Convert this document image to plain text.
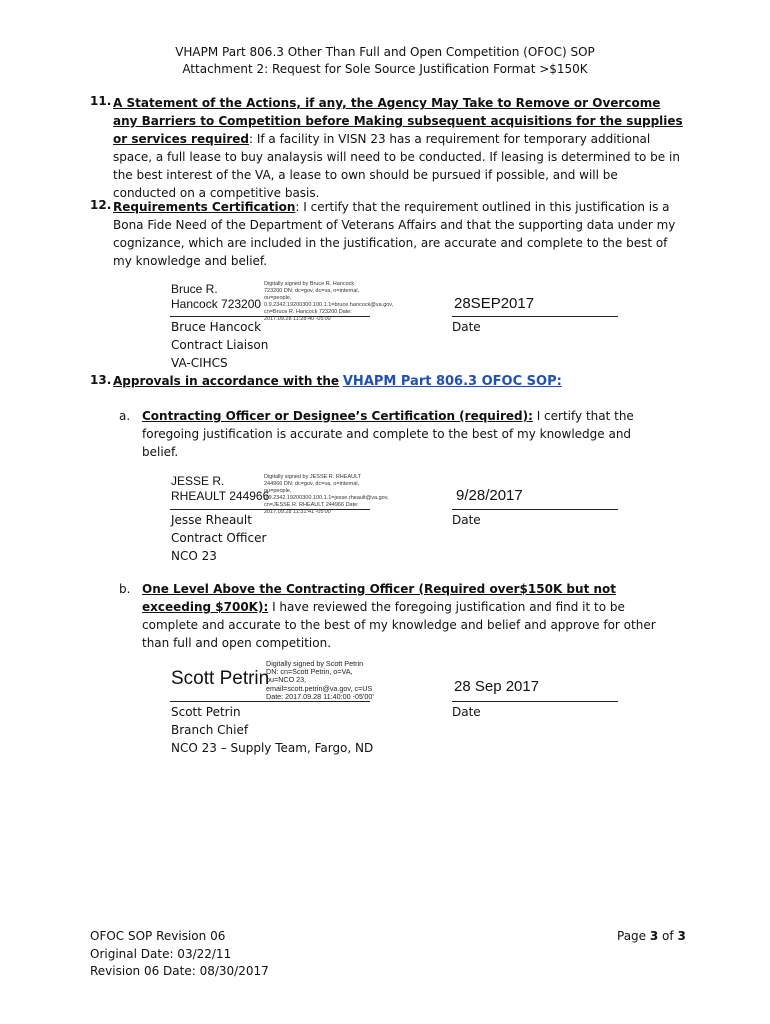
VHAPM Part 806.3 Other Than Full and Open Competition (OFOC) SOP
Attachment 2: Request for Sole Source Justification Format >$150K
11. A Statement of the Actions, if any, the Agency May Take to Remove or Overcome any Barriers to Competition before Making subsequent acquisitions for the supplies or services required: If a facility in VISN 23 has a requirement for temporary additional space, a full lease to buy analaysis will need to be conducted. If leasing is determined to be in the best interest of the VA, a lease to own should be pursued if possible, and will be conducted on a competitive basis.
12. Requirements Certification: I certify that the requirement outlined in this justification is a Bona Fide Need of the Department of Veterans Affairs and that the supporting data under my cognizance, which are included in the justification, are accurate and complete to the best of my knowledge and belief.
Bruce R.
Hancock 723200
Digitally signed by Bruce R. Hancock 723200 DN: dc=gov, dc=va, o=internal, ou=people, 0.9.2342.19200300.100.1.1=bruce.hancock@va.gov, cn=Bruce R. Hancock 723200 Date: 2017.09.28 11:28:40 -05'00'
28SEP2017
Bruce Hancock	Date
Contract Liaison
VA-CIHCS
13. Approvals in accordance with the VHAPM Part 806.3 OFOC SOP:
a. Contracting Officer or Designee’s Certification (required): I certify that the foregoing justification is accurate and complete to the best of my knowledge and belief.
JESSE R.
RHEAULT 244966
Digitally signed by JESSE R. RHEAULT 244966 DN: dc=gov, dc=va, o=internal, ou=people, 0.9.2342.19200300.100.1.1=jesse.rheault@va.gov, cn=JESSE R. RHEAULT 244966 Date: 2017.09.28 11:31:41 -05'00'
9/28/2017
Jesse Rheault	Date
Contract Officer
NCO 23
b. One Level Above the Contracting Officer (Required over$150K but not exceeding $700K): I have reviewed the foregoing justification and find it to be complete and accurate to the best of my knowledge and belief and approve for other than full and open competition.
Scott Petrin
Digitally signed by Scott Petrin
DN: cn=Scott Petrin, o=VA,
ou=NCO 23,
email=scott.petrin@va.gov, c=US
Date: 2017.09.28 11:40:00 -05'00'
28 Sep 2017
Scott Petrin	Date
Branch Chief
NCO 23 – Supply Team, Fargo, ND
OFOC SOP Revision 06
Original Date: 03/22/11
Revision 06 Date: 08/30/2017
Page 3 of 3
